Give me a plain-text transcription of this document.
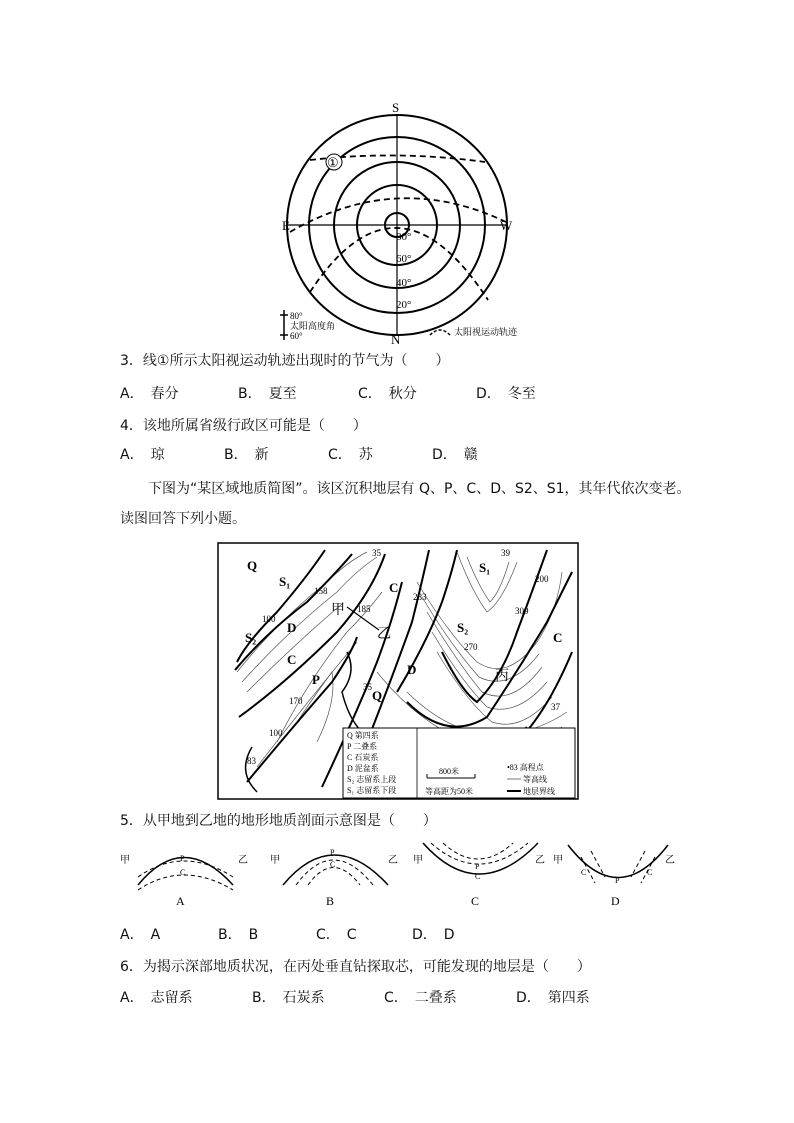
S
N
E	W
①
80°
60°
40°
20°
80°
60°
太阳高度角
太阳视运动轨迹
3．线①所示太阳视运动轨迹出现时的节气为（　　）
A．　春分	B．　夏至	C．　秋分	D．　冬至
4．该地所属省级行政区可能是（　　）
A．　琼	B．　新	C．　苏	D．　赣
下图为“某区域地质简图”。该区沉积地层有 Q、P、C、D、S2、S1，其年代依次变老。
读图回答下列小题。
Q
S₁
D
S₂
C
P
C
D
Q
S₁
S₂
C
甲
乙
丙
35
158
185
283
100
170
83
35
270
309
39
200
100
37
Q 第四系
P 二叠系
C 石炭系
D 泥盆系
S₂ 志留系上段
S₁ 志留系下段
•83 高程点
等高线
地层界线
800米
等高距为50米
5．从甲地到乙地的地形地质剖面示意图是（　　）
甲	乙
P
C
A
甲	乙
P
C
B
甲	乙
P
C
C
甲	乙
C
P
C
D
A．　A	B．　B	C．　C	D．　D
6．为揭示深部地质状况，在丙处垂直钻探取芯，可能发现的地层是（　　）
A．　志留系	B．　石炭系	C．　二叠系	D．　第四系
